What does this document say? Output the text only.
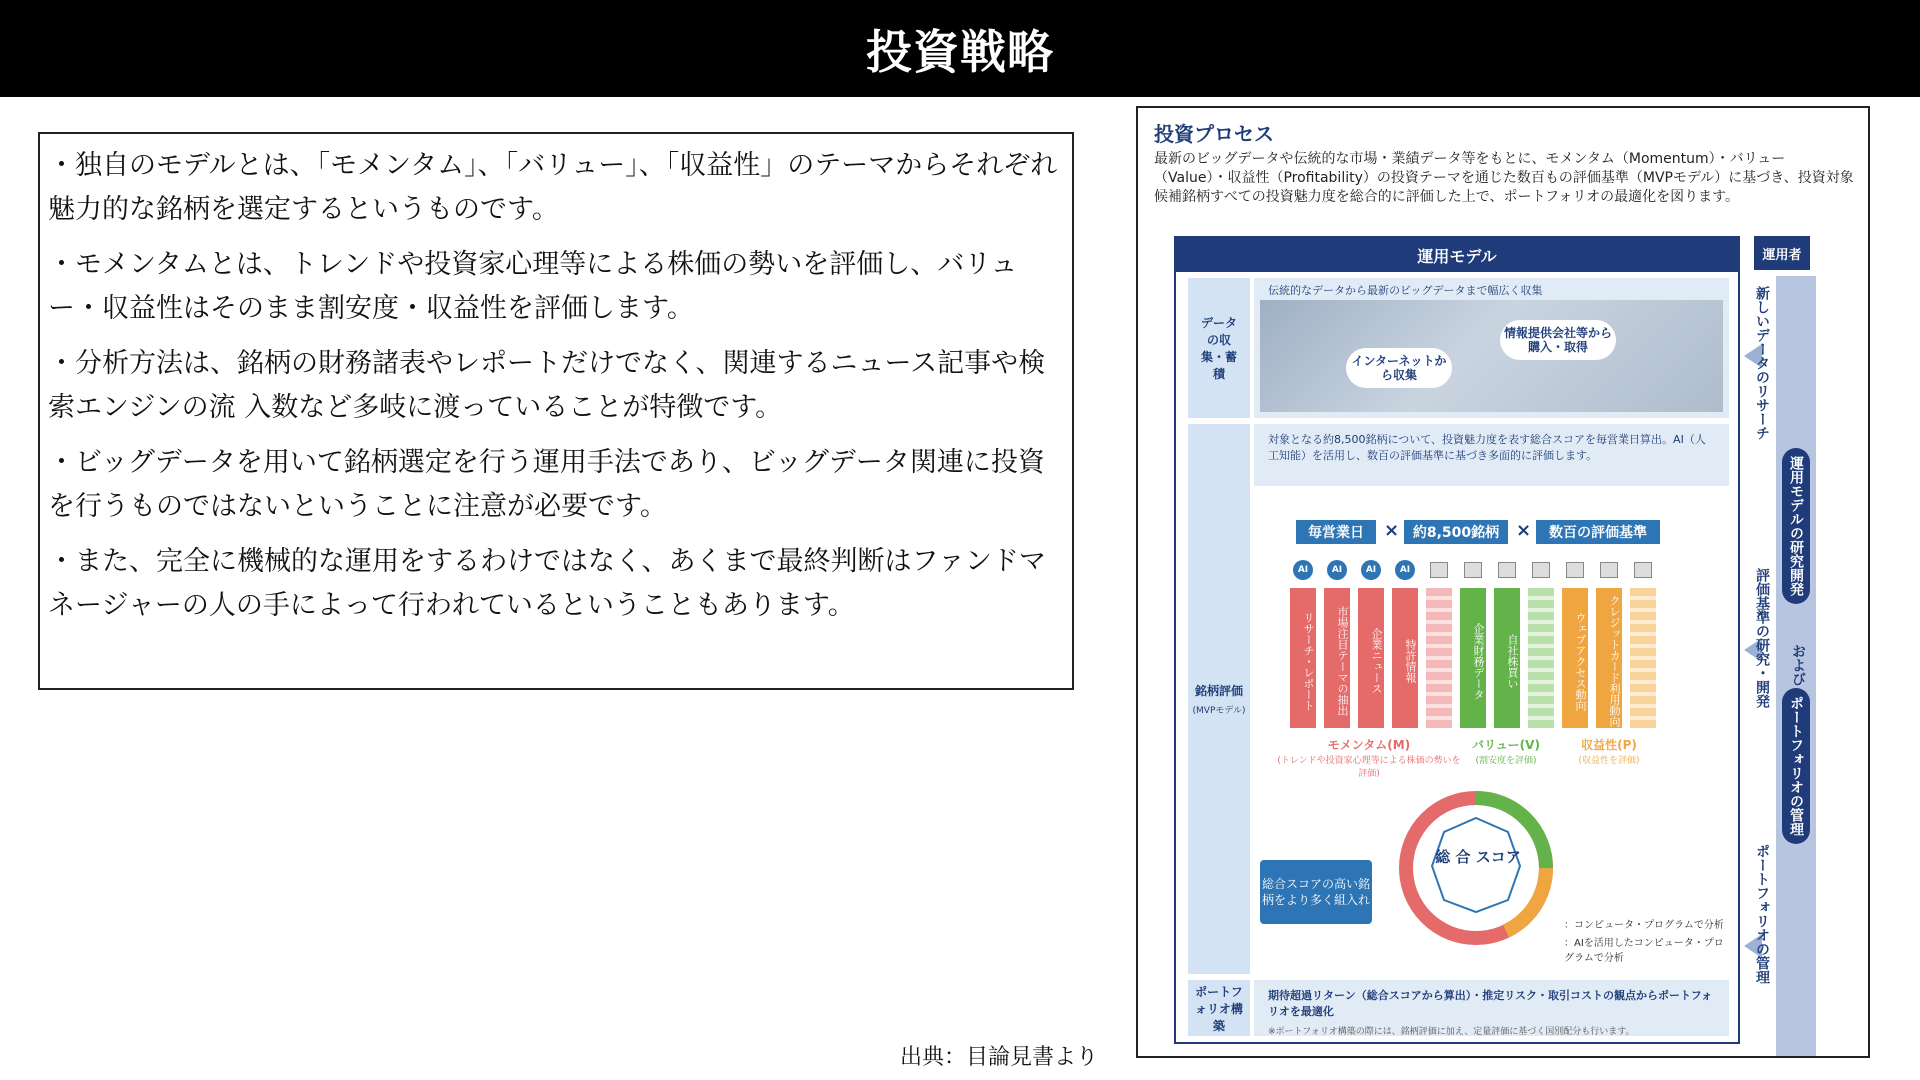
投資戦略

・独自のモデルとは、「モメンタム」、「バリュー」、「収益性」のテーマからそれぞれ魅力的な銘柄を選定するというものです。

・モメンタムとは、トレンドや投資家心理等による株価の勢いを評価し、バリュー・収益性はそのまま割安度・収益性を評価します。

・分析方法は、銘柄の財務諸表やレポートだけでなく、関連するニュース記事や検索エンジンの流 入数など多岐に渡っていることが特徴です。

・ビッグデータを用いて銘柄選定を行う運用手法であり、ビッグデータ関連に投資を行うものではないということに注意が必要です。

・また、完全に機械的な運用をするわけではなく、あくまで最終判断はファンドマネージャーの人の手によって行われているということもあります。

出典：目論見書より
投資プロセス
最新のビッグデータや伝統的な市場・業績データ等をもとに、モメンタム（Momentum）・バリュー（Value）・収益性（Profitability）の投資テーマを通じた数百もの評価基準（MVPモデル）に基づき、投資対象候補銘柄すべての投資魅力度を総合的に評価した上で、ポートフォリオの最適化を図ります。
運用モデル
データの収集・蓄積
伝統的なデータから最新のビッグデータまで幅広く収集
インターネットから収集
情報提供会社等から購入・取得
銘柄評価
(MVPモデル)
対象となる約8,500銘柄について、投資魅力度を表す総合スコアを毎営業日算出。AI（人工知能）を活用し、数百の評価基準に基づき多面的に評価します。
毎営業日	× 約8,500銘柄 ×	数百の評価基準
AI	AI	AI	AI
リサーチ・レポート	市場注目テーマの抽出	企業ニュース	特許情報	企業財務データ	自社株買い	ウェブアクセス動向	クレジットカード利用動向
モメンタム(M)
(トレンドや投資家心理等による株価の勢いを評価)
バリュー(V)
(割安度を評価)
収益性(P)
(収益性を評価)
総 合 スコア
総合スコアの高い銘柄をより多く組入れ
：コンピュータ・プログラムで分析
：AIを活用したコンピュータ・プログラムで分析
ポートフォリオ構築
期待超過リターン（総合スコアから算出）・推定リスク・取引コストの観点からポートフォリオを最適化
※ポートフォリオ構築の際には、銘柄評価に加え、定量評価に基づく国別配分も行います。
運用者
新しいデータのリサーチ
評価基準の研究・開発
運用モデルの研究開発
および
ポートフォリオの管理
ポートフォリオの管理
